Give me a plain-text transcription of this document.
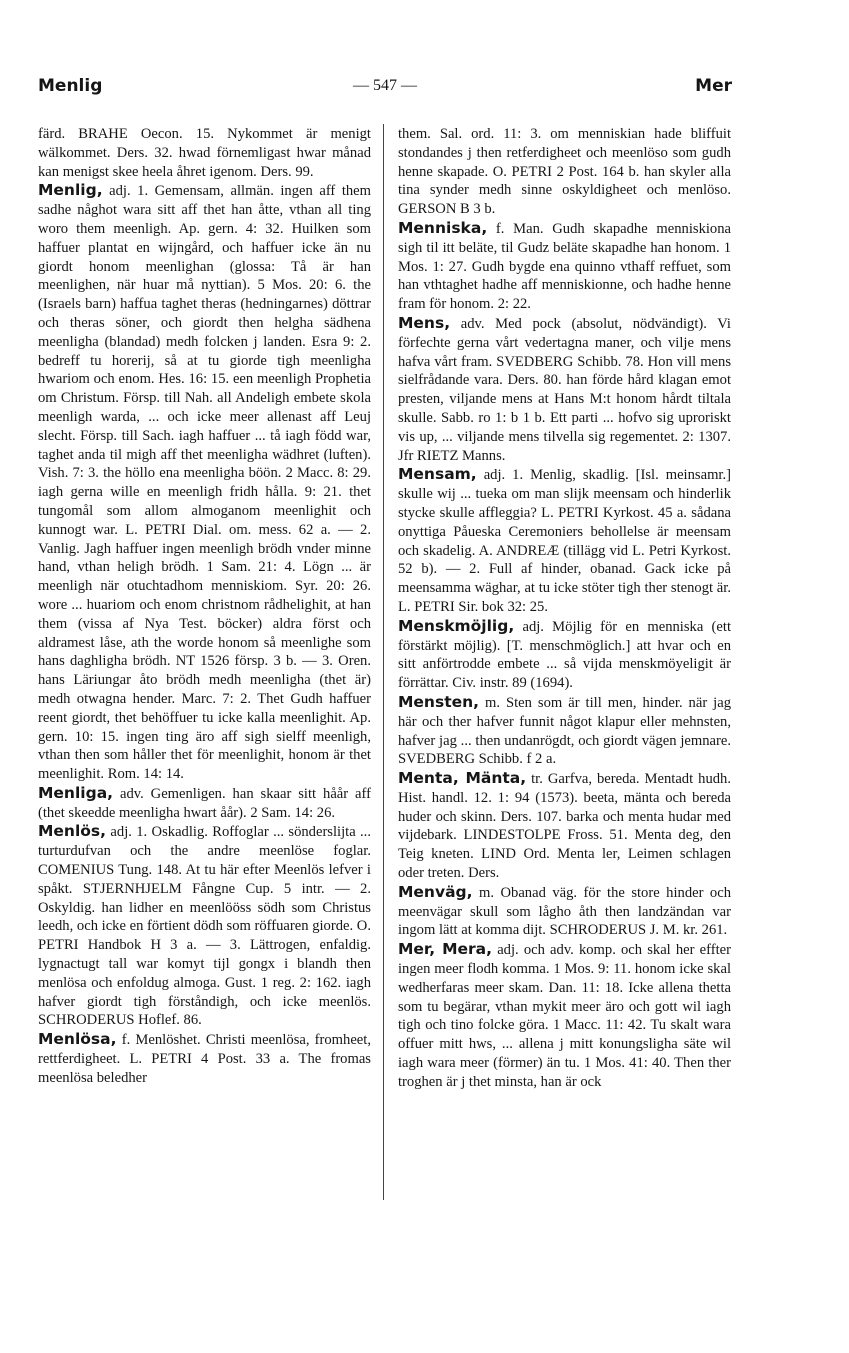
Menlig	— 547 —	Mer

färd. BRAHE Oecon. 15. Nykommet är menigt wälkommet. Ders. 32. hwad förnemligast hwar månad kan menigst skee heela åhret igenom. Ders. 99.

Menlig, adj. 1. Gemensam, allmän. ingen aff them sadhe någhot wara sitt aff thet han åtte, vthan all ting woro them meenligh. Ap. gern. 4: 32. Huilken som haffuer plantat en wijngård, och haffuer icke än nu giordt honom meenlighan (glossa: Tå är han meenlighen, när huar må nyttian). 5 Mos. 20: 6. the (Israels barn) haffua taghet theras (hedningarnes) döttrar och theras söner, och giordt then helgha sädhena meenligha (blandad) medh folcken j landen. Esra 9: 2. bedreff tu horerij, så at tu giorde tigh meenligha hwariom och enom. Hes. 16: 15. een meenligh Prophetia om Christum. Försp. till Nah. all Andeligh embete skola meenligh warda, ... och icke meer allenast aff Leuj slecht. Försp. till Sach. iagh haffuer ... tå iagh född war, taghet anda til migh aff thet meenligha wädhret (luften). Vish. 7: 3. the höllo ena meenligha böön. 2 Macc. 8: 29. iagh gerna wille en meenligh fridh hålla. 9: 21. thet tungomål som allom almoganom meenlighit och kunnogt war. L. PETRI Dial. om. mess. 62 a. — 2. Vanlig. Jagh haffuer ingen meenligh brödh vnder minne hand, vthan heligh brödh. 1 Sam. 21: 4. Lögn ... är meenligh när otuchtadhom menniskiom. Syr. 20: 26. wore ... huariom och enom christnom rådhelighit, at han them (vissa af Nya Test. böcker) aldra först och aldramest låse, ath the worde honom så meenlighe som hans daghligha brödh. NT 1526 försp. 3 b. — 3. Oren. hans Läriungar åto brödh medh meenligha (thet är) medh otwagna hender. Marc. 7: 2. Thet Gudh haffuer reent giordt, thet behöffuer tu icke kalla meenlighit. Ap. gern. 10: 15. ingen ting äro aff sigh sielff meenligh, vthan then som håller thet för meenlighit, honom är thet meenlighit. Rom. 14: 14.

Menliga, adv. Gemenligen. han skaar sitt håår aff (thet skeedde meenligha hwart åår). 2 Sam. 14: 26.

Menlös, adj. 1. Oskadlig. Roffoglar ... sönderslijta ... turturdufvan och the andre meenlöse foglar. COMENIUS Tung. 148. At tu här efter Meenlös lefver i spåkt. STJERNHJELM Fångne Cup. 5 intr. — 2. Oskyldig. han lidher en meenlööss södh som Christus leedh, och icke en förtient dödh som röffuaren giorde. O. PETRI Handbok H 3 a. — 3. Lättrogen, enfaldig. lygnactugt tall war komyt tijl gongx i blandh then menlösa och enfoldug almoga. Gust. 1 reg. 2: 162. iagh hafver giordt tigh förståndigh, och icke meenlös. SCHRODERUS Hoflef. 86.

Menlösa, f. Menlöshet. Christi meenlösa, fromheet, rettferdigheet. L. PETRI 4 Post. 33 a. The fromas meenlösa beledher

them. Sal. ord. 11: 3. om menniskian hade bliffuit stondandes j then retferdigheet och meenlöso som gudh henne skapade. O. PETRI 2 Post. 164 b. han skyler alla tina synder medh sinne oskyldigheet och menlöso. GERSON B 3 b.

Menniska, f. Man. Gudh skapadhe menniskiona sigh til itt beläte, til Gudz beläte skapadhe han honom. 1 Mos. 1: 27. Gudh bygde ena quinno vthaff reffuet, som han vthtaghet hadhe aff menniskionne, och hadhe henne fram för honom. 2: 22.

Mens, adv. Med pock (absolut, nödvändigt). Vi förfechte gerna vårt vedertagna maner, och vilje mens hafva vårt fram. SVEDBERG Schibb. 78. Hon vill mens sielfrådande vara. Ders. 80. han förde hård klagan emot presten, viljande mens at Hans M:t honom hårdt tiltala skulle. Sabb. ro 1: b 1 b. Ett parti ... hofvo sig uproriskt vis up, ... viljande mens tilvella sig regementet. 2: 1307. Jfr RIETZ Manns.

Mensam, adj. 1. Menlig, skadlig. [Isl. meinsamr.] skulle wij ... tueka om man slijk meensam och hinderlik stycke skulle affleggia? L. PETRI Kyrkost. 45 a. sådana onyttiga Påueska Ceremoniers behollelse är meensam och skadelig. A. ANDREÆ (tillägg vid L. Petri Kyrkost. 52 b). — 2. Full af hinder, obanad. Gack icke på meensamma wäghar, at tu icke stöter tigh ther stenogt är. L. PETRI Sir. bok 32: 25.

Menskmöjlig, adj. Möjlig för en menniska (ett förstärkt möjlig). [T. menschmöglich.] att hvar och en sitt anförtrodde embete ... så vijda menskmöyeligit är förrättar. Civ. instr. 89 (1694).

Mensten, m. Sten som är till men, hinder. när jag här och ther hafver funnit något klapur eller mehnsten, hafver jag ... then undanrögdt, och giordt vägen jemnare. SVEDBERG Schibb. f 2 a.

Menta, Mänta, tr. Garfva, bereda. Mentadt hudh. Hist. handl. 12. 1: 94 (1573). beeta, mänta och bereda huder och skinn. Ders. 107. barka och menta hudar med vijdebark. LINDESTOLPE Fross. 51. Menta deg, den Teig kneten. LIND Ord. Menta ler, Leimen schlagen oder treten. Ders.

Menväg, m. Obanad väg. för the store hinder och meenvägar skull som lågho åth then landzändan var ingom lätt at komma dijt. SCHRODERUS J. M. kr. 261.

Mer, Mera, adj. och adv. komp. och skal her effter ingen meer flodh komma. 1 Mos. 9: 11. honom icke skal wedherfaras meer skam. Dan. 11: 18. Icke allena thetta som tu begärar, vthan mykit meer äro och gott wil iagh tigh och tino folcke göra. 1 Macc. 11: 42. Tu skalt wara offuer mitt hws, ... allena j mitt konungsligha säte wil iagh wara meer (förmer) än tu. 1 Mos. 41: 40. Then ther troghen är j thet minsta, han är ock
